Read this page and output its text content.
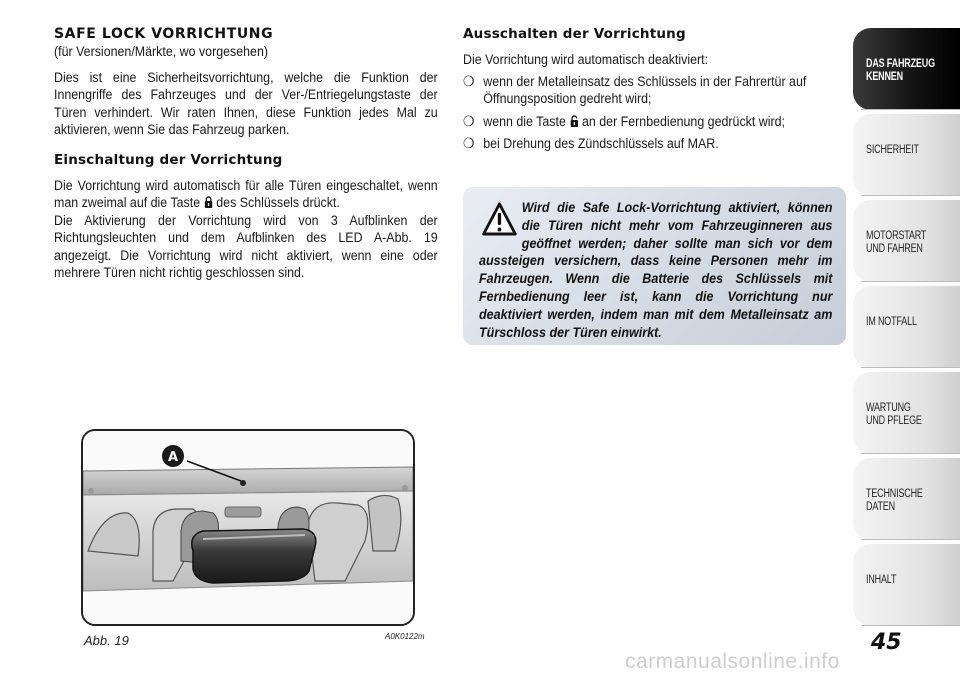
SAFE LOCK VORRICHTUNG

(für Versionen/Märkte, wo vorgesehen)

Dies ist eine Sicherheitsvorrichtung, welche die Funktion der Innengriffe des Fahrzeuges und der Ver-/Entriegelungstaste der Türen verhindert. Wir raten Ihnen, diese Funktion jedes Mal zu aktivieren, wenn Sie das Fahrzeug parken.

Einschaltung der Vorrichtung

Die Vorrichtung wird automatisch für alle Türen eingeschaltet, wenn man zweimal auf die Taste des Schlüssels drückt.

Die Aktivierung der Vorrichtung wird von 3 Aufblinken der Richtungsleuchten und dem Aufblinken des LED A-Abb. 19 angezeigt. Die Vorrichtung wird nicht aktiviert, wenn eine oder mehrere Türen nicht richtig geschlossen sind.

Ausschalten der Vorrichtung

Die Vorrichtung wird automatisch deaktiviert:

❍ wenn der Metalleinsatz des Schlüssels in der Fahrertür auf Öffnungsposition gedreht wird;
❍ wenn die Taste an der Fernbedienung gedrückt wird;
❍ bei Drehung des Zündschlüssels auf MAR.
Wird die Safe Lock-Vorrichtung aktiviert, können die Türen nicht mehr vom Fahrzeuginneren aus geöffnet werden; daher sollte man sich vor dem aussteigen versichern, dass keine Personen mehr im Fahrzeugen. Wenn die Batterie des Schlüssels mit Fernbedienung leer ist, kann die Vorrichtung nur deaktiviert werden, indem man mit dem Metalleinsatz am Türschloss der Türen einwirkt.
A
Abb. 19	A0K0122m
DAS FAHRZEUG
KENNEN
SICHERHEIT
MOTORSTART
UND FAHREN
IM NOTFALL
WARTUNG
UND PFLEGE
TECHNISCHE
DATEN
INHALT
45
carmanualsonline.info
